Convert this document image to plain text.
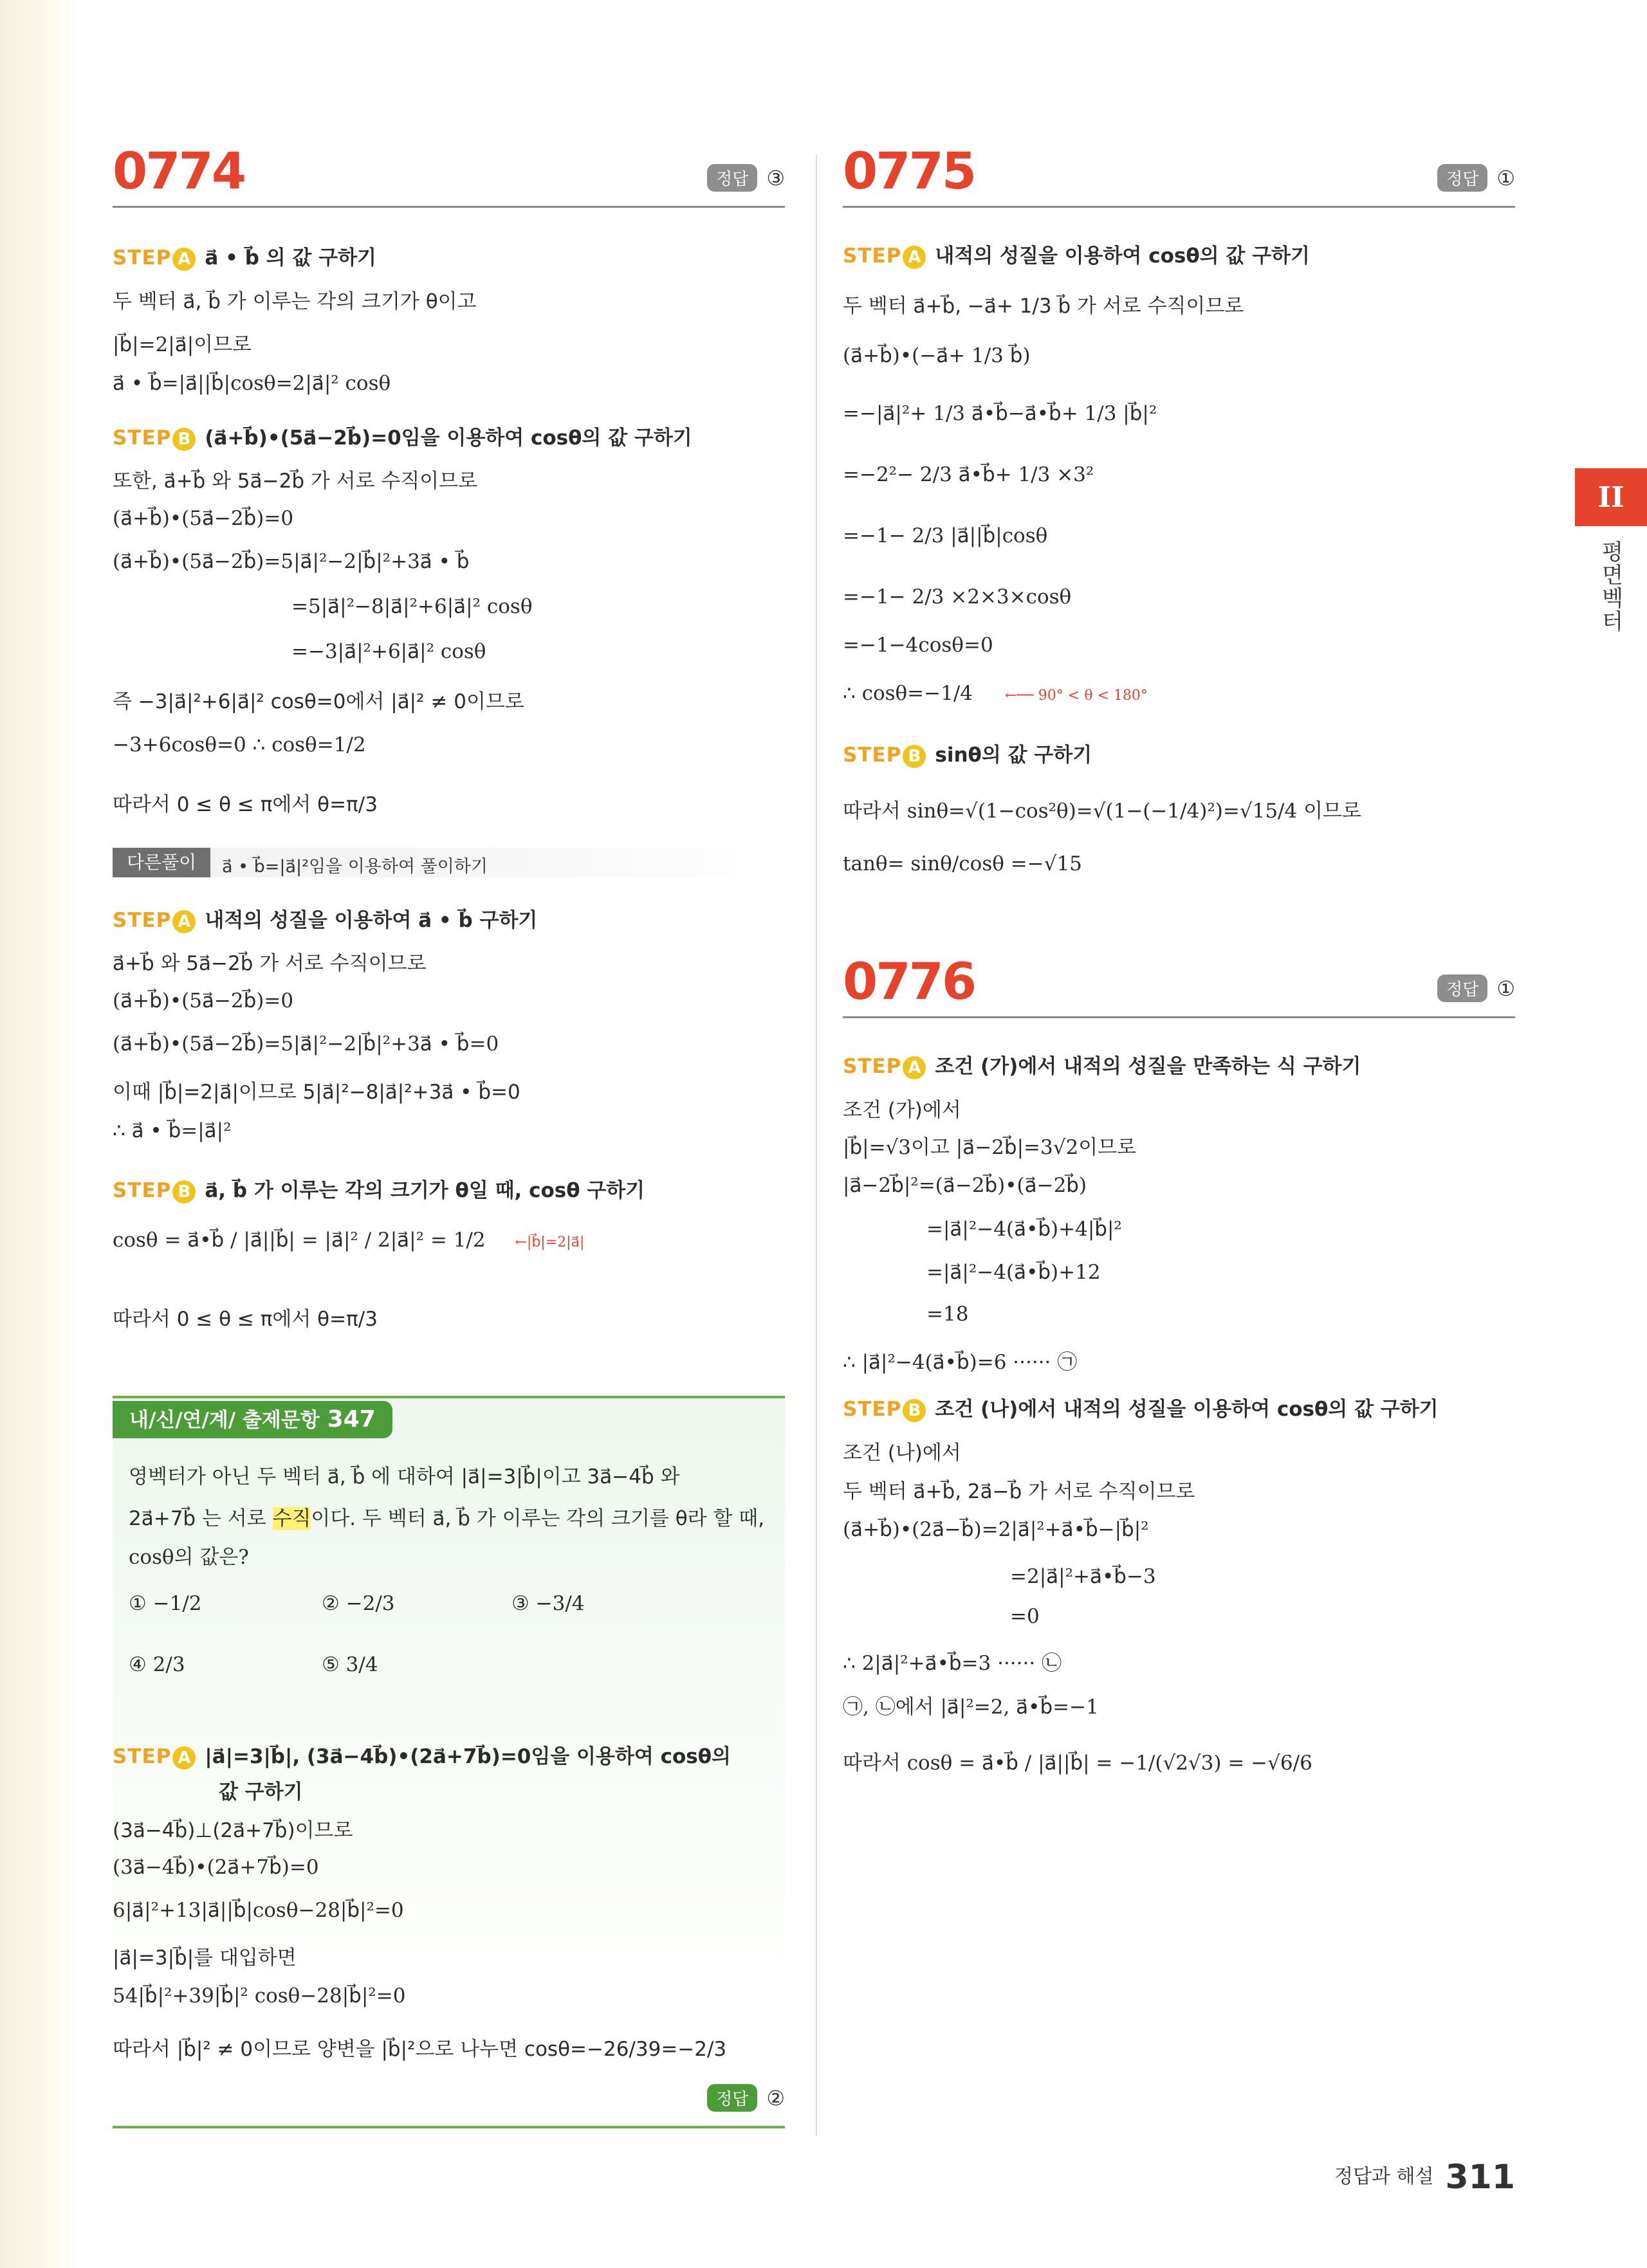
0774	정답 ③
STEP A a⃗ • b⃗ 의 값 구하기
두 벡터 a⃗, b⃗ 가 이루는 각의 크기가 θ이고
|b⃗|=2|a⃗|이므로
a⃗ • b⃗=|a⃗||b⃗|cosθ=2|a⃗|² cosθ
STEP B (a⃗+b⃗)•(5a⃗−2b⃗)=0임을 이용하여 cosθ의 값 구하기
또한, a⃗+b⃗ 와 5a⃗−2b⃗ 가 서로 수직이므로
(a⃗+b⃗)•(5a⃗−2b⃗)=0
(a⃗+b⃗)•(5a⃗−2b⃗)=5|a⃗|²−2|b⃗|²+3a⃗ • b⃗
=5|a⃗|²−8|a⃗|²+6|a⃗|² cosθ
=−3|a⃗|²+6|a⃗|² cosθ
즉 −3|a⃗|²+6|a⃗|² cosθ=0에서 |a⃗|² ≠ 0이므로
−3+6cosθ=0 ∴ cosθ=1/2
따라서 0 ≤ θ ≤ π에서 θ=π/3
다른풀이	a⃗ • b⃗=|a⃗|²임을 이용하여 풀이하기
STEP A 내적의 성질을 이용하여 a⃗ • b⃗ 구하기
a⃗+b⃗ 와 5a⃗−2b⃗ 가 서로 수직이므로
(a⃗+b⃗)•(5a⃗−2b⃗)=0
(a⃗+b⃗)•(5a⃗−2b⃗)=5|a⃗|²−2|b⃗|²+3a⃗ • b⃗=0
이때 |b⃗|=2|a⃗|이므로 5|a⃗|²−8|a⃗|²+3a⃗ • b⃗=0
∴ a⃗ • b⃗=|a⃗|²
STEP B a⃗, b⃗ 가 이루는 각의 크기가 θ일 때, cosθ 구하기
cosθ = a⃗•b⃗ / |a⃗||b⃗| = |a⃗|² / 2|a⃗|² = 1/2 ←|b⃗|=2|a⃗|
따라서 0 ≤ θ ≤ π에서 θ=π/3
내/신/연/계/ 출제문항 347
영벡터가 아닌 두 벡터 a⃗, b⃗ 에 대하여 |a⃗|=3|b⃗|이고 3a⃗−4b⃗ 와
2a⃗+7b⃗ 는 서로 수직이다. 두 벡터 a⃗, b⃗ 가 이루는 각의 크기를 θ라 할 때,
cosθ의 값은?
① −1/2	② −2/3	③ −3/4
④ 2/3	⑤ 3/4
STEP A |a⃗|=3|b⃗|, (3a⃗−4b⃗)•(2a⃗+7b⃗)=0임을 이용하여 cosθ의
값 구하기
(3a⃗−4b⃗)⊥(2a⃗+7b⃗)이므로
(3a⃗−4b⃗)•(2a⃗+7b⃗)=0
6|a⃗|²+13|a⃗||b⃗|cosθ−28|b⃗|²=0
|a⃗|=3|b⃗|를 대입하면
54|b⃗|²+39|b⃗|² cosθ−28|b⃗|²=0
따라서 |b⃗|² ≠ 0이므로 양변을 |b⃗|²으로 나누면 cosθ=−26/39=−2/3
정답 ②
0775	정답 ①
STEP A 내적의 성질을 이용하여 cosθ의 값 구하기
두 벡터 a⃗+b⃗, −a⃗+ 1/3 b⃗ 가 서로 수직이므로
(a⃗+b⃗)•(−a⃗+ 1/3 b⃗)
=−|a⃗|²+ 1/3 a⃗•b⃗−a⃗•b⃗+ 1/3 |b⃗|²
=−2²− 2/3 a⃗•b⃗+ 1/3 ×3²
=−1− 2/3 |a⃗||b⃗|cosθ
=−1− 2/3 ×2×3×cosθ
=−1−4cosθ=0
∴ cosθ=−1/4 ←── 90° < θ < 180°
STEP B sinθ의 값 구하기
따라서 sinθ=√(1−cos²θ)=√(1−(−1/4)²)=√15/4 이므로
tanθ= sinθ/cosθ =−√15
0776	정답 ①
STEP A 조건 (가)에서 내적의 성질을 만족하는 식 구하기
조건 (가)에서
|b⃗|=√3이고 |a⃗−2b⃗|=3√2이므로
|a⃗−2b⃗|²=(a⃗−2b⃗)•(a⃗−2b⃗)
=|a⃗|²−4(a⃗•b⃗)+4|b⃗|²
=|a⃗|²−4(a⃗•b⃗)+12
=18
∴ |a⃗|²−4(a⃗•b⃗)=6 ······ ㉠
STEP B 조건 (나)에서 내적의 성질을 이용하여 cosθ의 값 구하기
조건 (나)에서
두 벡터 a⃗+b⃗, 2a⃗−b⃗ 가 서로 수직이므로
(a⃗+b⃗)•(2a⃗−b⃗)=2|a⃗|²+a⃗•b⃗−|b⃗|²
=2|a⃗|²+a⃗•b⃗−3
=0
∴ 2|a⃗|²+a⃗•b⃗=3 ······ ㉡
㉠, ㉡에서 |a⃗|²=2, a⃗•b⃗=−1
따라서 cosθ = a⃗•b⃗ / |a⃗||b⃗| = −1/(√2√3) = −√6/6
II
평면벡터
정답과 해설 311
